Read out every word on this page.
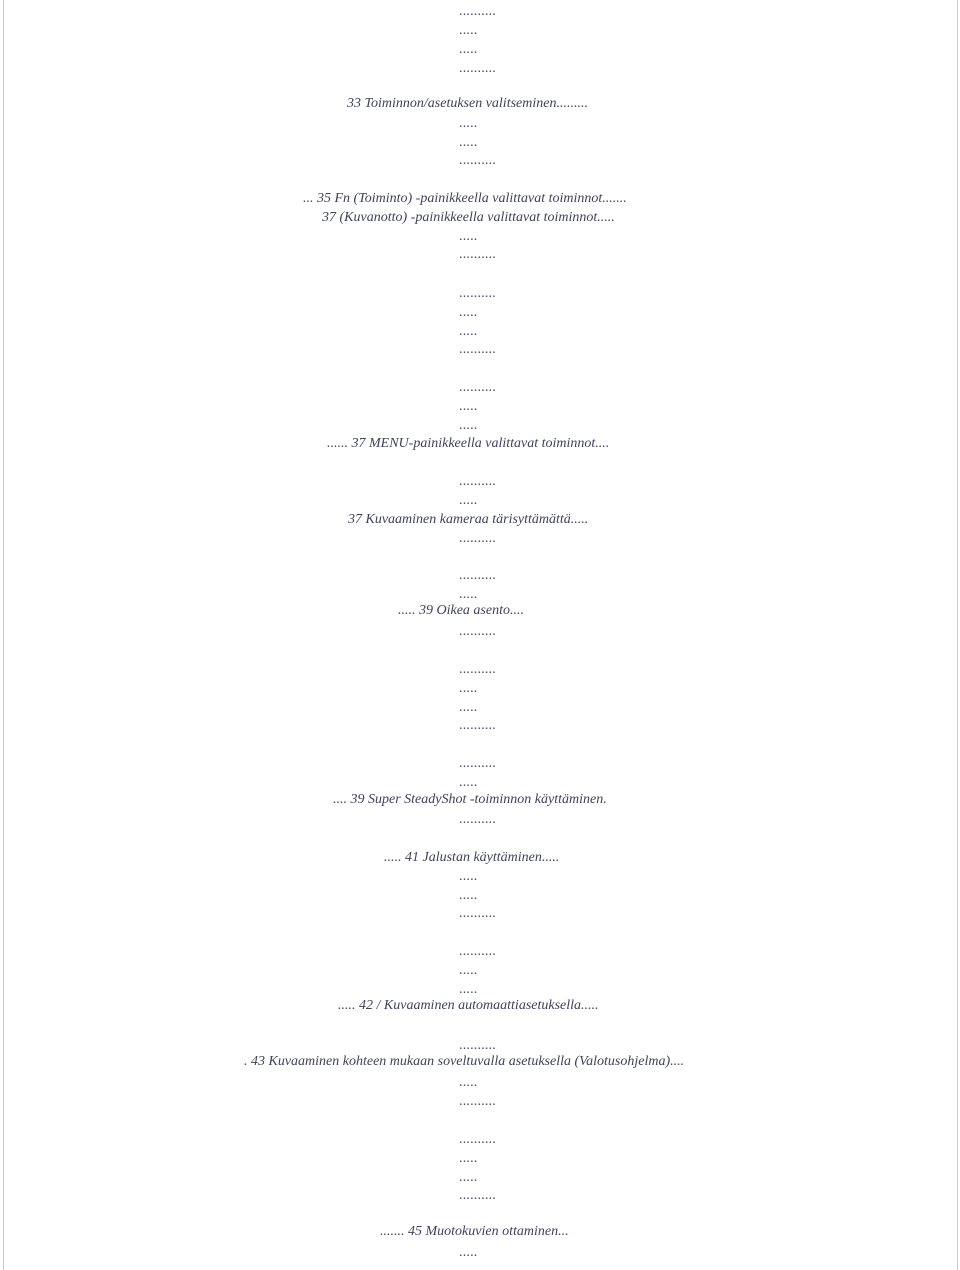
..........
.....
.....
..........
33 Toiminnon/asetuksen valitseminen.........
.....
.....
..........
... 35 Fn (Toiminto) -painikkeella valittavat toiminnot.......
37 (Kuvanotto) -painikkeella valittavat toiminnot.....
.....
..........
..........
.....
.....
..........
..........
.....
.....
...... 37 MENU-painikkeella valittavat toiminnot....
..........
.....
37 Kuvaaminen kameraa tärisyttämättä.....
..........
..........
.....
..... 39 Oikea asento....
..........
..........
.....
.....
..........
..........
.....
.... 39 Super SteadyShot -toiminnon käyttäminen.
..........
..... 41 Jalustan käyttäminen.....
.....
.....
..........
..........
.....
.....
..... 42 / Kuvaaminen automaattiasetuksella.....
..........
. 43 Kuvaaminen kohteen mukaan soveltuvalla asetuksella (Valotusohjelma)....
.....
..........
..........
.....
.....
..........
....... 45 Muotokuvien ottaminen...
.....
